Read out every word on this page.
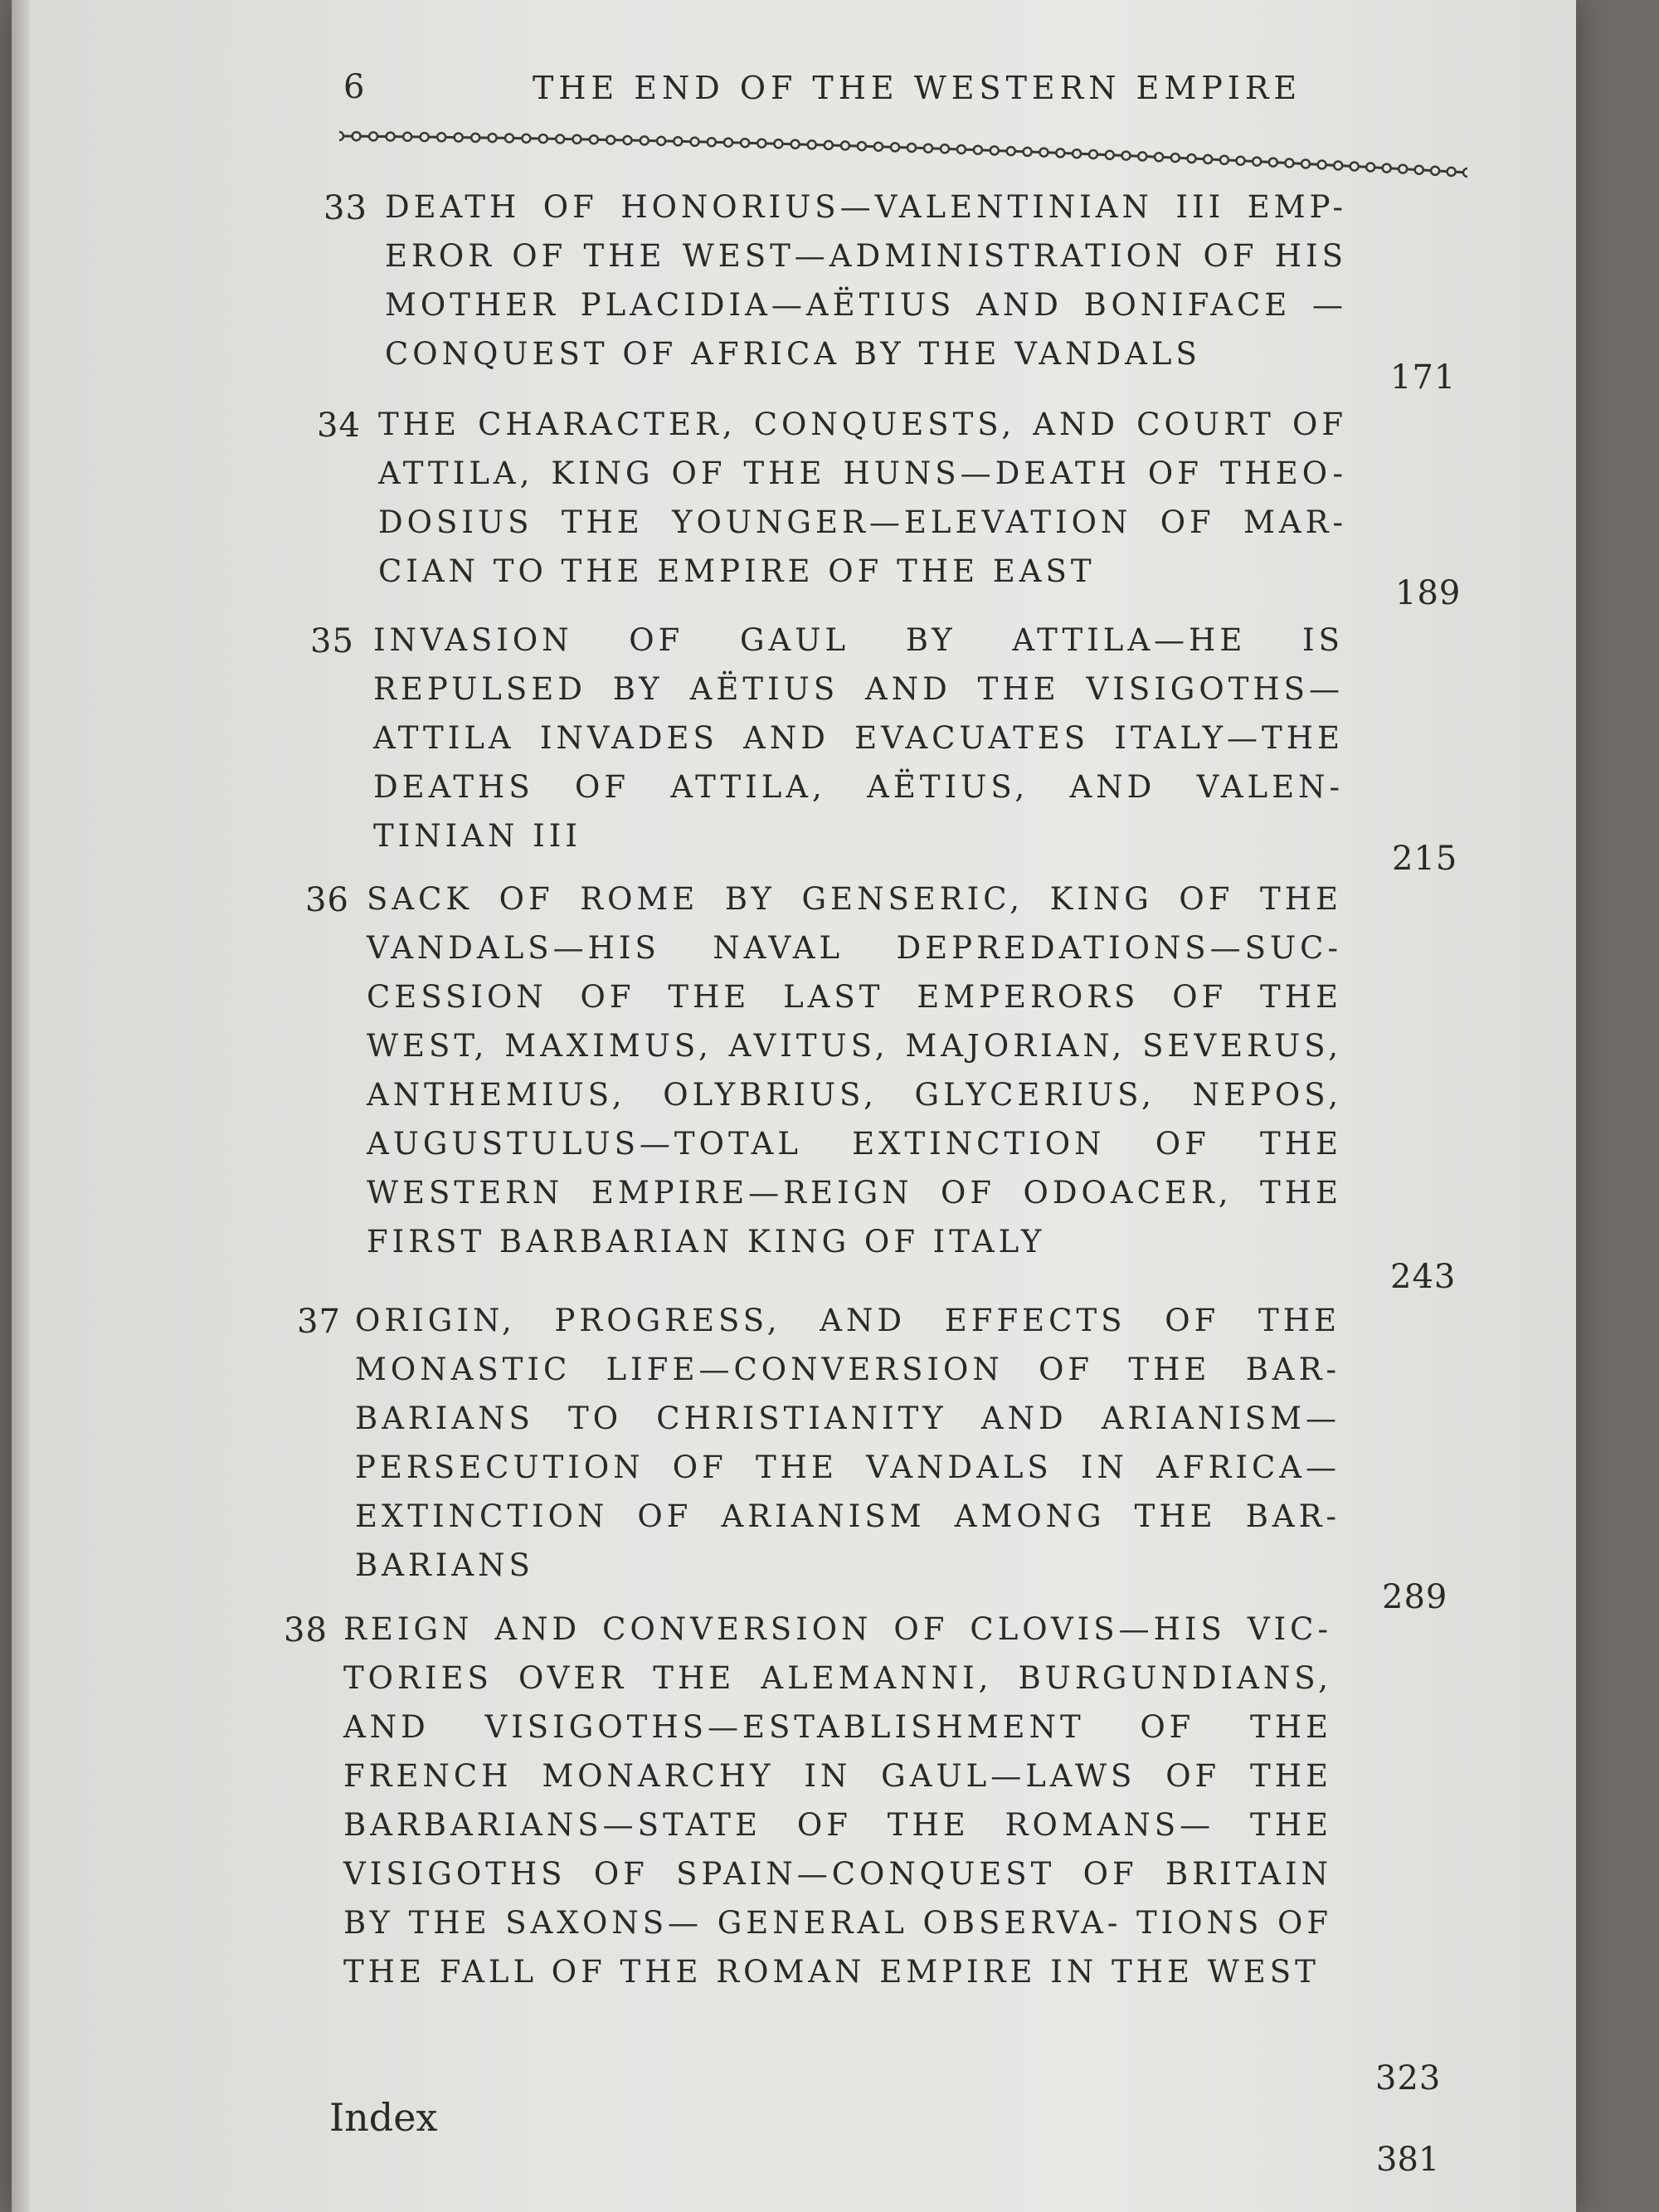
6	THE END OF THE WESTERN EMPIRE
33 DEATH OF HONORIUS—VALENTINIAN III EMP- EROR OF THE WEST—ADMINISTRATION OF HIS MOTHER PLACIDIA—AËTIUS AND BONIFACE —CONQUEST OF AFRICA BY THE VANDALS
171
34 THE CHARACTER, CONQUESTS, AND COURT OF ATTILA, KING OF THE HUNS—DEATH OF THEO- DOSIUS THE YOUNGER—ELEVATION OF MAR- CIAN TO THE EMPIRE OF THE EAST
189
35 INVASION OF GAUL BY ATTILA—HE IS REPULSED BY AËTIUS AND THE VISIGOTHS— ATTILA INVADES AND EVACUATES ITALY—THE DEATHS OF ATTILA, AËTIUS, AND VALEN- TINIAN III
215
36 SACK OF ROME BY GENSERIC, KING OF THE VANDALS—HIS NAVAL DEPREDATIONS—SUC- CESSION OF THE LAST EMPERORS OF THE WEST, MAXIMUS, AVITUS, MAJORIAN, SEVERUS, ANTHEMIUS, OLYBRIUS, GLYCERIUS, NEPOS, AUGUSTULUS—TOTAL EXTINCTION OF THE WESTERN EMPIRE—REIGN OF ODOACER, THE FIRST BARBARIAN KING OF ITALY
243
37 ORIGIN, PROGRESS, AND EFFECTS OF THE MONASTIC LIFE—CONVERSION OF THE BAR- BARIANS TO CHRISTIANITY AND ARIANISM— PERSECUTION OF THE VANDALS IN AFRICA— EXTINCTION OF ARIANISM AMONG THE BAR- BARIANS
289
38 REIGN AND CONVERSION OF CLOVIS—HIS VIC- TORIES OVER THE ALEMANNI, BURGUNDIANS, AND VISIGOTHS—ESTABLISHMENT OF THE FRENCH MONARCHY IN GAUL—LAWS OF THE BARBARIANS—STATE OF THE ROMANS— THE VISIGOTHS OF SPAIN—CONQUEST OF BRITAIN BY THE SAXONS— GENERAL OBSERVA- TIONS OF THE FALL OF THE ROMAN EMPIRE IN THE WEST
323
Index
381
